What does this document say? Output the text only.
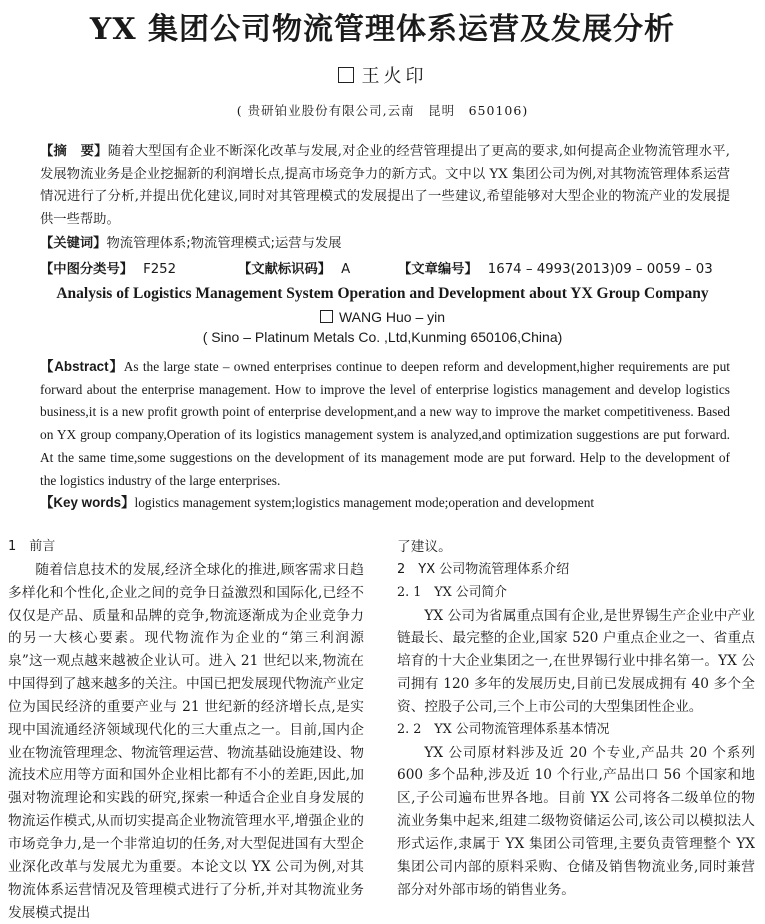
YX 集团公司物流管理体系运营及发展分析
王火印
( 贵研铂业股份有限公司,云南　昆明　650106)
【摘　要】随着大型国有企业不断深化改革与发展,对企业的经营管理提出了更高的要求,如何提高企业物流管理水平,发展物流业务是企业挖掘新的利润增长点,提高市场竞争力的新方式。文中以 YX 集团公司为例,对其物流管理体系运营情况进行了分析,并提出优化建议,同时对其管理模式的发展提出了一些建议,希望能够对大型企业的物流产业的发展提供一些帮助。
【关键词】物流管理体系;物流管理模式;运营与发展
【中图分类号】 F252	【文献标识码】 A	【文章编号】 1674 – 4993(2013)09 – 0059 – 03
Analysis of Logistics Management System Operation and Development about YX Group Company
WANG Huo – yin
( Sino – Platinum Metals Co. ,Ltd,Kunming 650106,China)
【Abstract】As the large state – owned enterprises continue to deepen reform and development,higher requirements are put forward about the enterprise management. How to improve the level of enterprise logistics management and develop logistics business,it is a new profit growth point of enterprise development,and a new way to improve the market competitiveness. Based on YX group company,Operation of its logistics management system is analyzed,and optimization suggestions are put forward. At the same time,some suggestions on the development of its management mode are put forward. Help to the development of the logistics industry of the large enterprises.
【Key words】logistics management system;logistics management mode;operation and development

1　前言

随着信息技术的发展,经济全球化的推进,顾客需求日趋多样化和个性化,企业之间的竞争日益激烈和国际化,已经不仅仅是产品、质量和品牌的竞争,物流逐渐成为企业竞争力的另一大核心要素。现代物流作为企业的“第三利润源泉”这一观点越来越被企业认可。进入 21 世纪以来,物流在中国得到了越来越多的关注。中国已把发展现代物流产业定位为国民经济的重要产业与 21 世纪新的经济增长点,是实现中国流通经济领域现代化的三大重点之一。目前,国内企业在物流管理理念、物流管理运营、物流基础设施建设、物流技术应用等方面和国外企业相比都有不小的差距,因此,加强对物流理论和实践的研究,探索一种适合企业自身发展的物流运作模式,从而切实提高企业物流管理水平,增强企业的市场竞争力,是一个非常迫切的任务,对大型促进国有大型企业深化改革与发展尤为重要。本论文以 YX 公司为例,对其物流体系运营情况及管理模式进行了分析,并对其物流业务发展模式提出

了建议。

2　YX 公司物流管理体系介绍

2. 1　YX 公司简介

YX 公司为省属重点国有企业,是世界锡生产企业中产业链最长、最完整的企业,国家 520 户重点企业之一、省重点培育的十大企业集团之一,在世界锡行业中排名第一。YX 公司拥有 120 多年的发展历史,目前已发展成拥有 40 多个全资、控股子公司,三个上市公司的大型集团性企业。

2. 2　YX 公司物流管理体系基本情况

YX 公司原材料涉及近 20 个专业,产品共 20 个系列 600 多个品种,涉及近 10 个行业,产品出口 56 个国家和地区,子公司遍布世界各地。目前 YX 公司将各二级单位的物流业务集中起来,组建二级物资储运公司,该公司以模拟法人形式运作,隶属于 YX 集团公司管理,主要负责管理整个 YX 集团公司内部的原料采购、仓储及销售物流业务,同时兼营部分对外部市场的销售业务。
